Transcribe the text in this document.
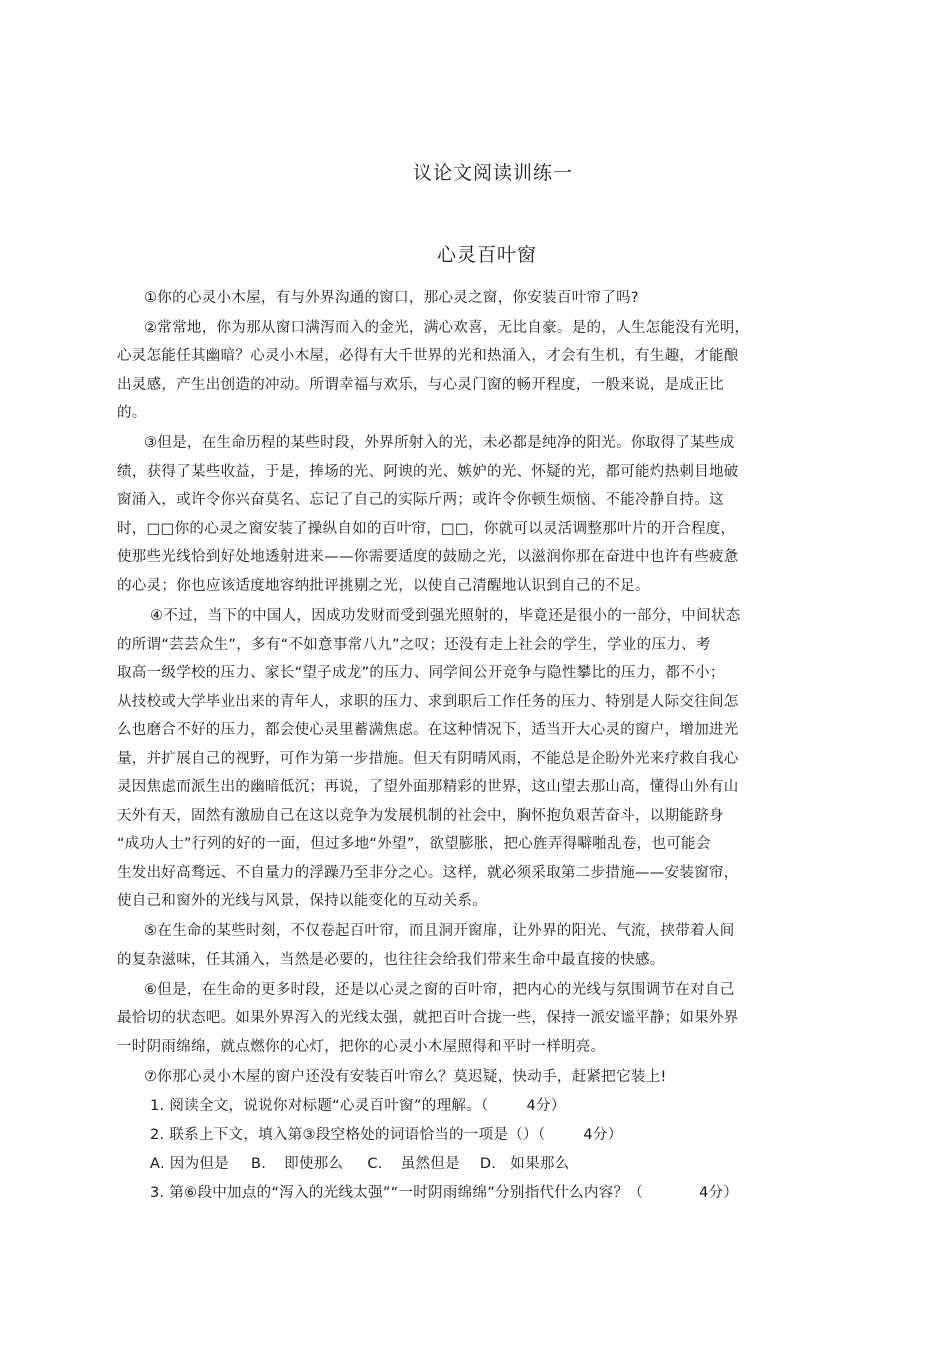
议论文阅读训练一
心灵百叶窗
①你的心灵小木屋，有与外界沟通的窗口，那心灵之窗，你安装百叶帘了吗?
②常常地，你为那从窗口满泻而入的金光，满心欢喜，无比自豪。是的，人生怎能没有光明，
心灵怎能任其幽暗？心灵小木屋，必得有大千世界的光和热涌入，才会有生机，有生趣，才能酿
出灵感，产生出创造的冲动。所谓幸福与欢乐，与心灵门窗的畅开程度，一般来说，是成正比
的。
③但是，在生命历程的某些时段，外界所射入的光，未必都是纯净的阳光。你取得了某些成
绩，获得了某些收益，于是，捧场的光、阿谀的光、嫉妒的光、怀疑的光，都可能灼热刺目地破
窗涌入，或许令你兴奋莫名、忘记了自己的实际斤两；或许令你顿生烦恼、不能冷静自持。这
时，□□你的心灵之窗安装了操纵自如的百叶帘，□□，你就可以灵活调整那叶片的开合程度，
使那些光线恰到好处地透射进来——你需要适度的鼓励之光，以滋润你那在奋进中也许有些疲惫
的心灵；你也应该适度地容纳批评挑剔之光，以使自己清醒地认识到自己的不足。
④不过，当下的中国人，因成功发财而受到强光照射的，毕竟还是很小的一部分，中间状态
的所谓“芸芸众生”，多有“不如意事常八九”之叹；还没有走上社会的学生，学业的压力、考
取高一级学校的压力、家长“望子成龙”的压力、同学间公开竞争与隐性攀比的压力，都不小；
从技校或大学毕业出来的青年人，求职的压力、求到职后工作任务的压力、特别是人际交往间怎
么也磨合不好的压力，都会使心灵里蓄满焦虑。在这种情况下，适当开大心灵的窗户，增加进光
量，并扩展自己的视野，可作为第一步措施。但天有阴晴风雨，不能总是企盼外光来疗救自我心
灵因焦虑而派生出的幽暗低沉；再说，了望外面那精彩的世界，这山望去那山高，懂得山外有山
天外有天，固然有激励自己在这以竞争为发展机制的社会中，胸怀抱负艰苦奋斗，以期能跻身
“成功人士”行列的好的一面，但过多地“外望”，欲望膨胀，把心旌弄得噼啪乱卷，也可能会
生发出好高骛远、不自量力的浮躁乃至非分之心。这样，就必须采取第二步措施——安装窗帘，
使自己和窗外的光线与风景，保持以能变化的互动关系。
⑤在生命的某些时刻，不仅卷起百叶帘，而且洞开窗扉，让外界的阳光、气流，挟带着人间
的复杂滋味，任其涌入，当然是必要的，也往往会给我们带来生命中最直接的快感。
⑥但是，在生命的更多时段，还是以心灵之窗的百叶帘，把内心的光线与氛围调节在对自己
最恰切的状态吧。如果外界泻入的光线太强，就把百叶合拢一些，保持一派安谧平静；如果外界
一时阴雨绵绵，就点燃你的心灯，把你的心灵小木屋照得和平时一样明亮。
⑦你那心灵小木屋的窗户还没有安装百叶帘么？莫迟疑，快动手，赶紧把它装上!
1. 阅读全文，说说你对标题“心灵百叶窗”的理解。（	4分）
2. 联系上下文，填入第③段空格处的词语恰当的一项是（）（	4分）
A. 因为但是 B. 即使那么 C. 虽然但是 D. 如果那么
3. 第⑥段中加点的“泻入的光线太强”“一时阴雨绵绵”分别指代什么内容？（	4分）
